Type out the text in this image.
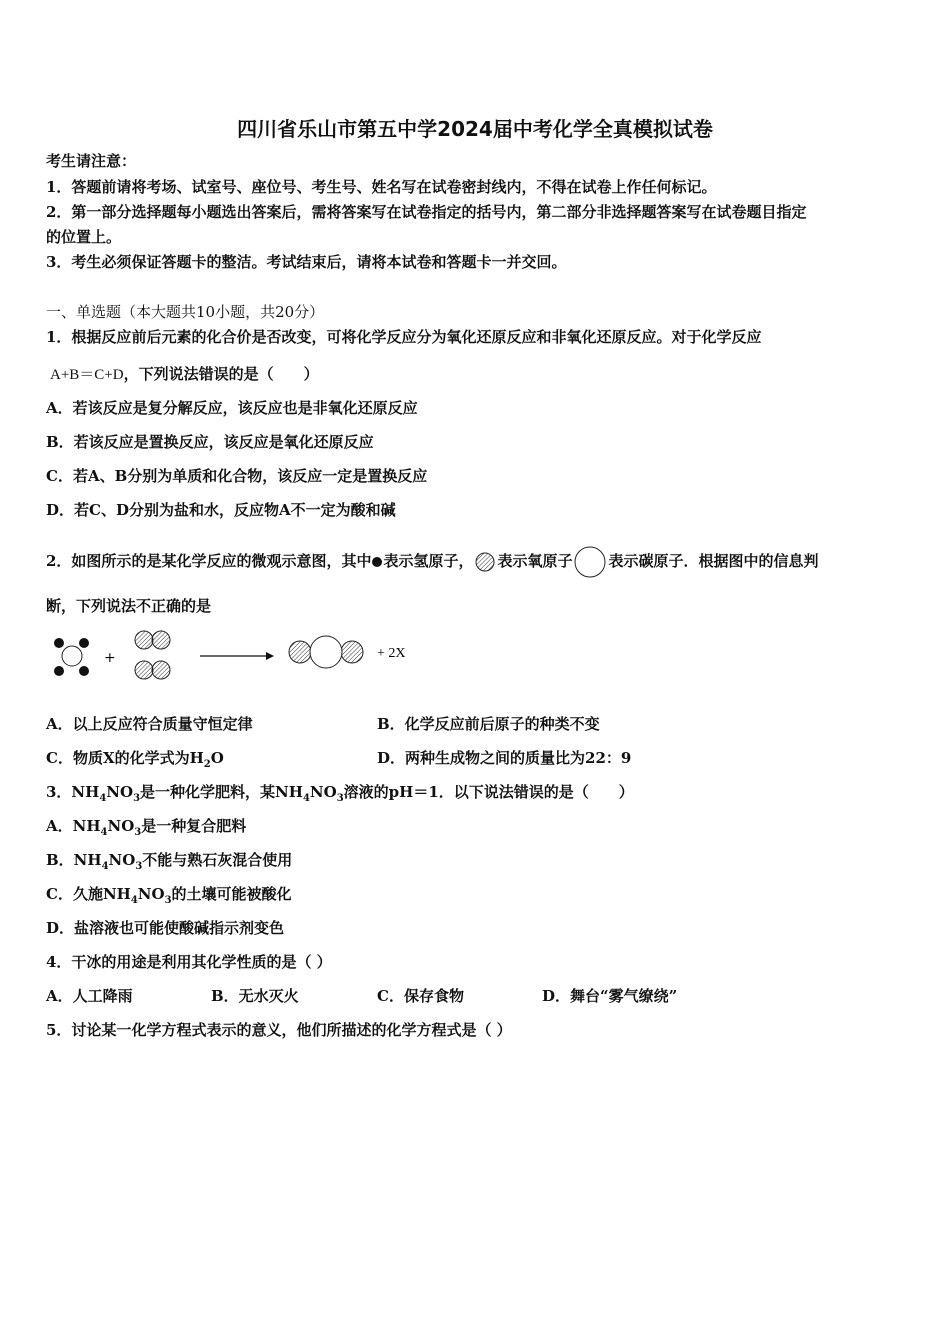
四川省乐山市第五中学2024届中考化学全真模拟试卷
考生请注意：
1．答题前请将考场、试室号、座位号、考生号、姓名写在试卷密封线内，不得在试卷上作任何标记。
2．第一部分选择题每小题选出答案后，需将答案写在试卷指定的括号内，第二部分非选择题答案写在试卷题目指定
的位置上。
3．考生必须保证答题卡的整洁。考试结束后，请将本试卷和答题卡一并交回。
一、单选题（本大题共10小题，共20分）
1．根据反应前后元素的化合价是否改变，可将化学反应分为氧化还原反应和非氧化还原反应。对于化学反应
A+B＝C+D，下列说法错误的是（　　）
A．若该反应是复分解反应，该反应也是非氧化还原反应
B．若该反应是置换反应，该反应是氧化还原反应
C．若A、B分别为单质和化合物，该反应一定是置换反应
D．若C、D分别为盐和水，反应物A不一定为酸和碱
2．如图所示的是某化学反应的微观示意图，其中 表示氢原子， 表示氧原子 表示碳原子．根据图中的信息判
断，下列说法不正确的是
+	+ 2X
A．以上反应符合质量守恒定律	B．化学反应前后原子的种类不变
C．物质X的化学式为$H_2O$	D．两种生成物之间的质量比为22：9
3．$NH_4NO_3$是一种化学肥料，某$NH_4NO_3$溶液的pH＝1．以下说法错误的是（　　）
A．$NH_4NO_3$是一种复合肥料
B．$NH_4NO_3$不能与熟石灰混合使用
C．久施$NH_4NO_3$的土壤可能被酸化
D．盐溶液也可能使酸碱指示剂变色
4．干冰的用途是利用其化学性质的是（ ）
A．人工降雨	B．无水灭火	C．保存食物	D．舞台“雾气缭绕”
5．讨论某一化学方程式表示的意义，他们所描述的化学方程式是（ ）
